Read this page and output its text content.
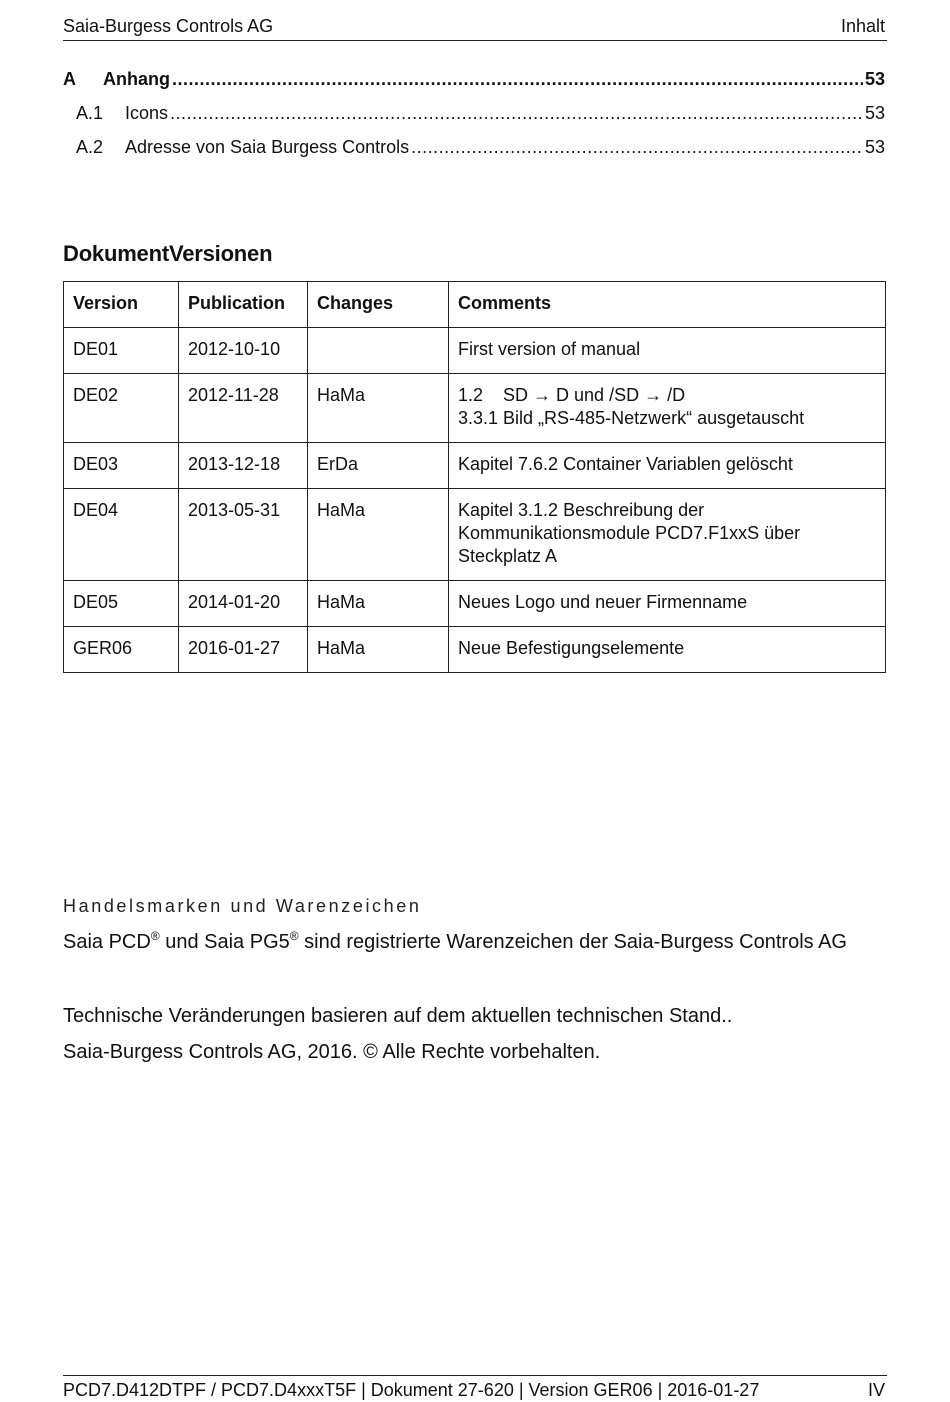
Saia-Burgess Controls AG	Inhalt
A	Anhang .....	53
A.1	Icons .....	53
A.2	Adresse von Saia Burgess Controls .....	53
DokumentVersionen
Version	Publication	Changes	Comments
DE01	2012-10-10		First version of manual

DE02	2012-11-28	HaMa	1.2    SD → D und /SD → /D
3.3.1 Bild „RS-485-Netzwerk“ ausgetauscht

DE03	2013-12-18	ErDa	Kapitel 7.6.2 Container Variablen gelöscht

DE04	2013-05-31	HaMa	Kapitel 3.1.2 Beschreibung der
Kommunikationsmodule PCD7.F1xxS über
Steckplatz A

DE05	2014-01-20	HaMa	Neues Logo und neuer Firmenname

GER06	2016-01-27	HaMa	Neue Befestigungselemente
Handelsmarken und Warenzeichen
Saia PCD® und Saia PG5® sind registrierte Warenzeichen der Saia-Burgess Controls AG
Technische Veränderungen basieren auf dem aktuellen technischen Stand..
Saia-Burgess Controls AG, 2016. © Alle Rechte vorbehalten.
PCD7.D412DTPF / PCD7.D4xxxT5F | Dokument 27-620 | Version GER06 | 2016-01-27	IV
